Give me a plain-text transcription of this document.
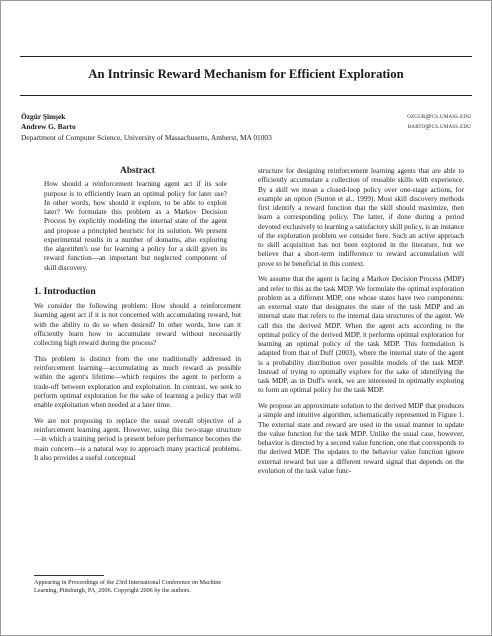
An Intrinsic Reward Mechanism for Efficient Exploration
Özgür Şimşek	ozgur@cs.umass.edu
Andrew G. Barto	barto@cs.umass.edu
Department of Computer Science, University of Massachusetts, Amherst, MA 01003
Abstract
How should a reinforcement learning agent act if its sole purpose is to efficiently learn an optimal policy for later use? In other words, how should it explore, to be able to exploit later? We formulate this problem as a Markov Decision Process by explicitly modeling the internal state of the agent and propose a principled heuristic for its solution. We present experimental results in a number of domains, also exploring the algorithm's use for learning a policy for a skill given its reward function—an important but neglected component of skill discovery.
1. Introduction

We consider the following problem: How should a reinforcement learning agent act if it is not concerned with accumulating reward, but with the ability to do so when desired? In other words, how can it efficiently learn how to accumulate reward without necessarily collecting high reward during the process?

This problem is distinct from the one traditionally addressed in reinforcement learning—accumulating as much reward as possible within the agent's lifetime—which requires the agent to perform a trade-off between exploration and exploitation. In contrast, we seek to perform optimal exploration for the sake of learning a policy that will enable exploitation when needed at a later time.

We are not proposing to replace the usual overall objective of a reinforcement learning agent. However, using this two-stage structure—in which a training period is present before performance becomes the main concern—is a natural way to approach many practical problems. It also provides a useful conceptual

Appearing in Proceedings of the 23rd International Conference on Machine Learning, Pittsburgh, PA, 2006. Copyright 2006 by the authors.

structure for designing reinforcement learning agents that are able to efficiently accumulate a collection of reusable skills with experience. By a skill we mean a closed-loop policy over one-stage actions, for example an option (Sutton et al., 1999). Most skill discovery methods first identify a reward function that the skill should maximize, then learn a corresponding policy. The latter, if done during a period devoted exclusively to learning a satisfactory skill policy, is an instance of the exploration problem we consider here. Such an active approach to skill acquisition has not been explored in the literature, but we believe that a short-term indifference to reward accumulation will prove to be beneficial in this context.

We assume that the agent is facing a Markov Decision Process (MDP) and refer to this as the task MDP. We formulate the optimal exploration problem as a different MDP, one whose states have two components: an external state that designates the state of the task MDP and an internal state that refers to the internal data structures of the agent. We call this the derived MDP. When the agent acts according to the optimal policy of the derived MDP, it performs optimal exploration for learning an optimal policy of the task MDP. This formulation is adapted from that of Duff (2003), where the internal state of the agent is a probability distribution over possible models of the task MDP. Instead of trying to optimally explore for the sake of identifying the task MDP, as in Duff's work, we are interested in optimally exploring to form an optimal policy for the task MDP.

We propose an approximate solution to the derived MDP that produces a simple and intuitive algorithm, schematically represented in Figure 1. The external state and reward are used in the usual manner to update the value function for the task MDP. Unlike the usual case, however, behavior is directed by a second value function, one that corresponds to the derived MDP. The updates to the behavior value function ignore external reward but use a different reward signal that depends on the evolution of the task value func-
